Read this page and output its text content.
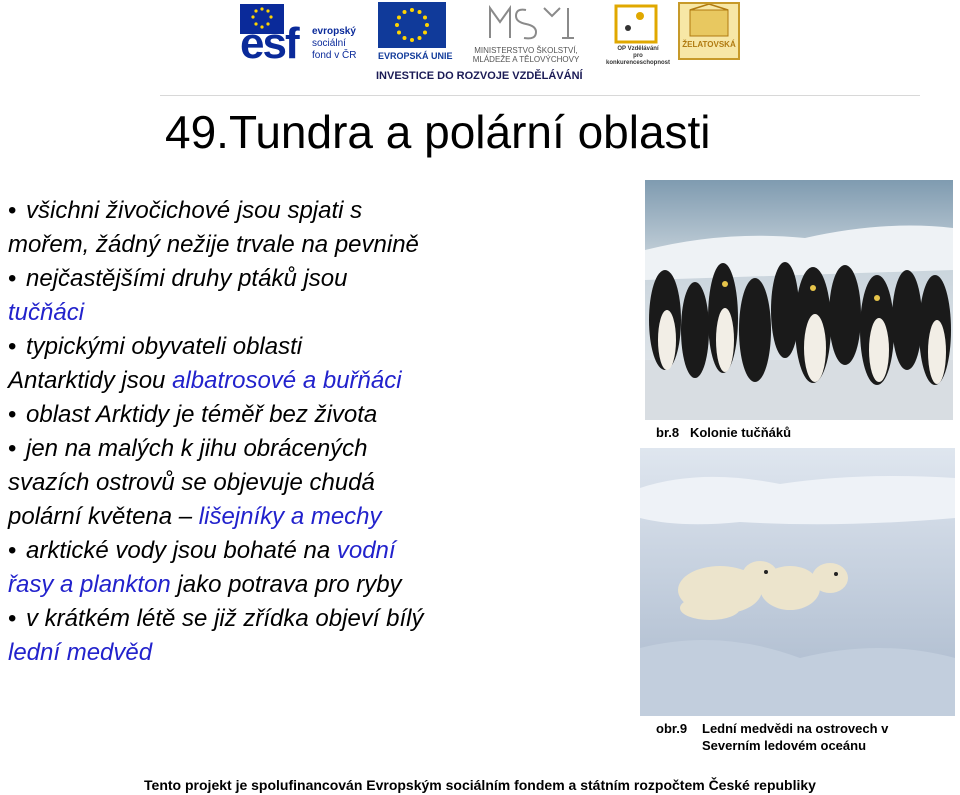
esf evropský
sociální
fond v ČR EVROPSKÁ UNIE
MINISTERSTVO ŠKOLSTVÍ,
MLÁDEŽE A TĚLOVÝCHOVY
OP Vzdělávání
pro konkurenceschopnost
ŽELATOVSKÁ
INVESTICE DO ROZVOJE VZDĚLÁVÁNÍ
49.Tundra a polární oblasti
• všichni živočichové jsou spjati s
mořem, žádný nežije trvale na pevnině
• nejčastějšími druhy ptáků jsou
tučňáci
• typickými obyvateli oblasti
Antarktidy jsou albatrosové a buřňáci
• oblast Arktidy je téměř bez života
• jen na malých k jihu obrácených
svazích ostrovů se objevuje chudá
polární květena – lišejníky a mechy
• arktické vody jsou bohaté na vodní
řasy a plankton jako potrava pro ryby
• v krátkém létě se již zřídka objeví bílý
lední medvěd
br.8 Kolonie tučňáků
obr.9 Lední medvědi na ostrovech v
Severním ledovém oceánu
Tento projekt je spolufinancován Evropským sociálním fondem a státním rozpočtem České republiky
